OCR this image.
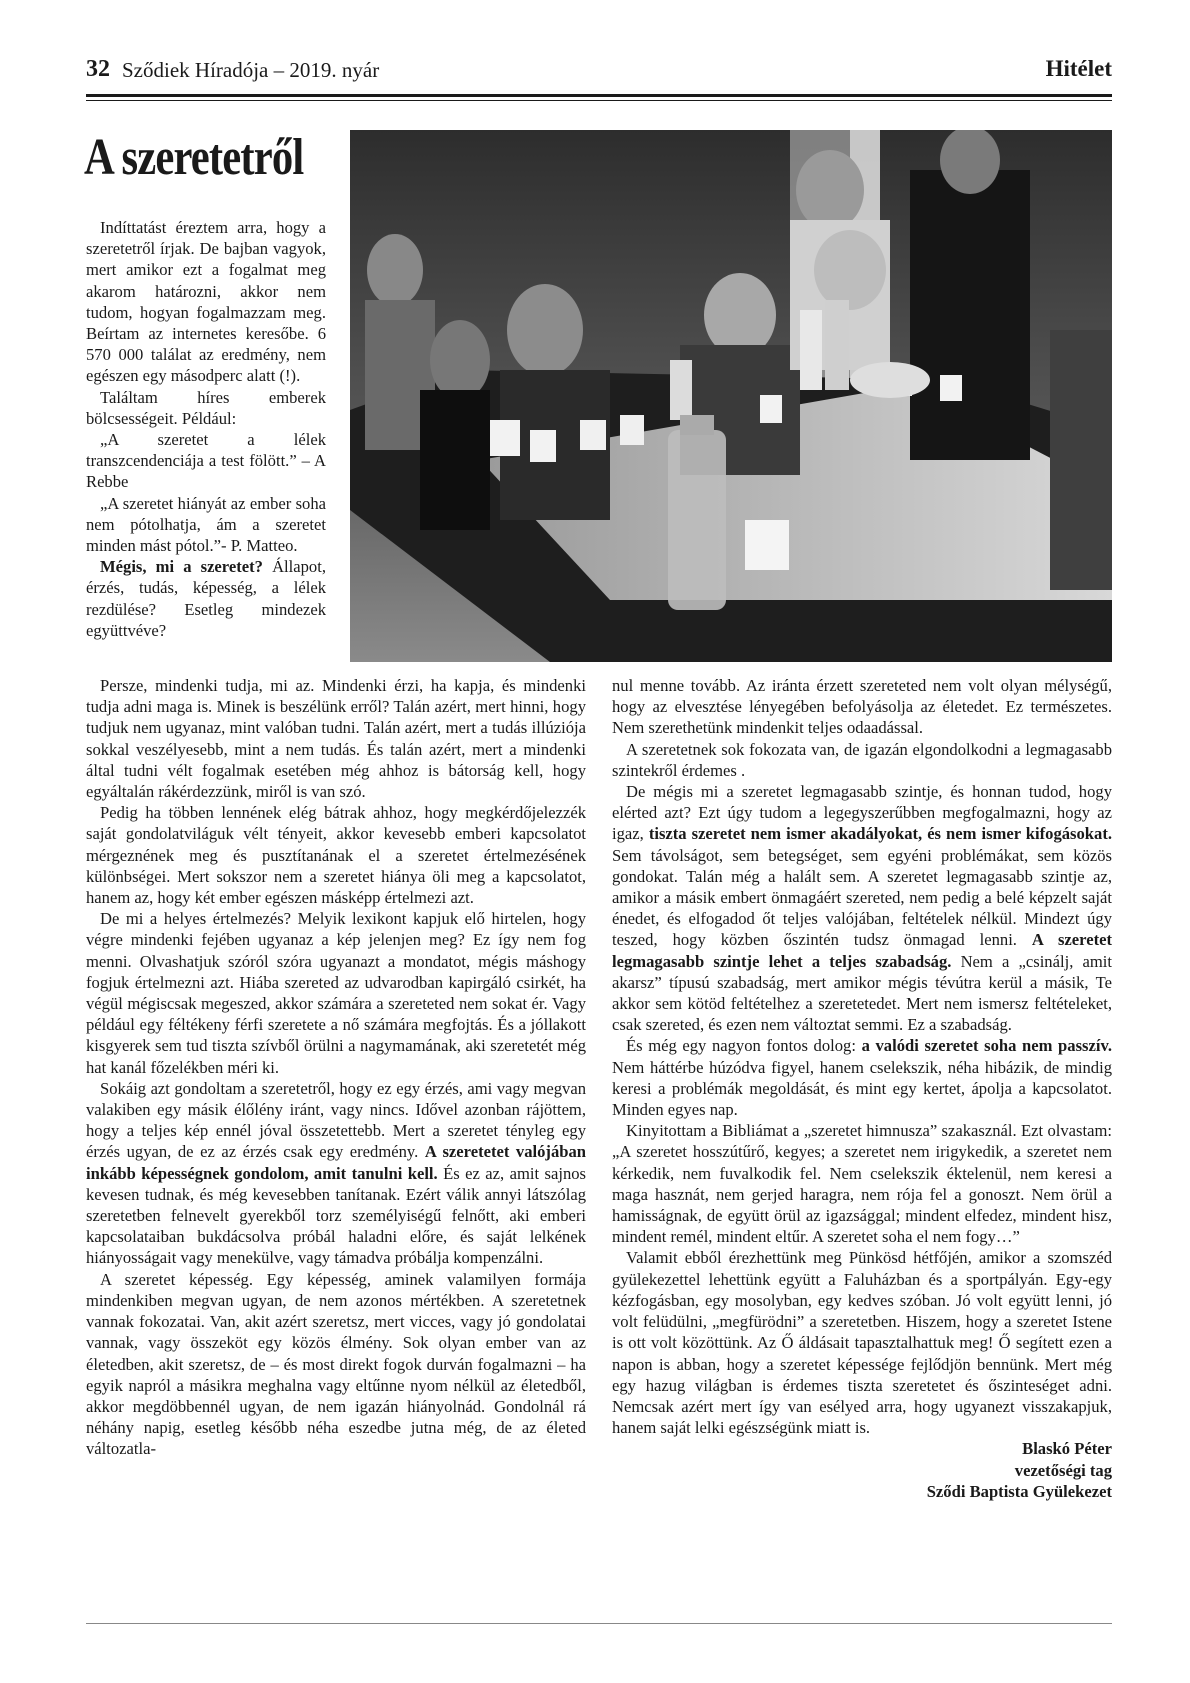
32 Sződiek Híradója – 2019. nyár	Hitélet
A szeretetről

Indíttatást éreztem arra, hogy a szeretetről írjak. De bajban vagyok, mert amikor ezt a fogalmat meg akarom határozni, akkor nem tudom, hogyan fogalmazzam meg. Beírtam az internetes keresőbe. 6 570 000 találat az eredmény, nem egészen egy másodperc alatt (!).

Találtam híres emberek bölcsességeit. Például:

„A szeretet a lélek transzcendenciája a test fölött.” – A Rebbe

„A szeretet hiányát az ember soha nem pótolhatja, ám a szeretet minden mást pótol.”- P. Matteo.

Mégis, mi a szeretet? Állapot, érzés, tudás, képesség, a lélek rezdülése? Esetleg mindezek együttvéve?

Persze, mindenki tudja, mi az. Mindenki érzi, ha kapja, és mindenki tudja adni maga is. Minek is beszélünk erről? Talán azért, mert hinni, hogy tudjuk nem ugyanaz, mint valóban tudni. Talán azért, mert a tudás illúziója sokkal veszélyesebb, mint a nem tudás. És talán azért, mert a mindenki által tudni vélt fogalmak esetében még ahhoz is bátorság kell, hogy egyáltalán rákérdezzünk, miről is van szó.

Pedig ha többen lennének elég bátrak ahhoz, hogy megkérdőjelezzék saját gondolatviláguk vélt tényeit, akkor kevesebb emberi kapcsolatot mérgeznének meg és pusztítanának el a szeretet értelmezésének különbségei. Mert sokszor nem a szeretet hiánya öli meg a kapcsolatot, hanem az, hogy két ember egészen másképp értelmezi azt.

De mi a helyes értelmezés? Melyik lexikont kapjuk elő hirtelen, hogy végre mindenki fejében ugyanaz a kép jelenjen meg? Ez így nem fog menni. Olvashatjuk szóról szóra ugyanazt a mondatot, mégis máshogy fogjuk értelmezni azt. Hiába szereted az udvarodban kapirgáló csirkét, ha végül mégiscsak megeszed, akkor számára a szereteted nem sokat ér. Vagy például egy féltékeny férfi szeretete a nő számára megfojtás. És a jóllakott kisgyerek sem tud tiszta szívből örülni a nagymamának, aki szeretetét még hat kanál főzelékben méri ki.

Sokáig azt gondoltam a szeretetről, hogy ez egy érzés, ami vagy megvan valakiben egy másik élőlény iránt, vagy nincs. Idővel azonban rájöttem, hogy a teljes kép ennél jóval összetettebb. Mert a szeretet tényleg egy érzés ugyan, de ez az érzés csak egy eredmény. A szeretetet valójában inkább képességnek gondolom, amit tanulni kell. És ez az, amit sajnos kevesen tudnak, és még kevesebben tanítanak. Ezért válik annyi látszólag szeretetben felnevelt gyerekből torz személyiségű felnőtt, aki emberi kapcsolataiban bukdácsolva próbál haladni előre, és saját lelkének hiányosságait vagy menekülve, vagy támadva próbálja kompenzálni.

A szeretet képesség. Egy képesség, aminek valamilyen formája mindenkiben megvan ugyan, de nem azonos mértékben. A szeretetnek vannak fokozatai. Van, akit azért szeretsz, mert vicces, vagy jó gondolatai vannak, vagy összeköt egy közös élmény. Sok olyan ember van az életedben, akit szeretsz, de – és most direkt fogok durván fogalmazni – ha egyik napról a másikra meghalna vagy eltűnne nyom nélkül az életedből, akkor megdöbbennél ugyan, de nem igazán hiányolnád. Gondolnál rá néhány napig, esetleg később néha eszedbe jutna még, de az életed változatla-

nul menne tovább. Az iránta érzett szereteted nem volt olyan mélységű, hogy az elvesztése lényegében befolyásolja az életedet. Ez természetes. Nem szerethetünk mindenkit teljes odaadással.

A szeretetnek sok fokozata van, de igazán elgondolkodni a legmagasabb szintekről érdemes .

De mégis mi a szeretet legmagasabb szintje, és honnan tudod, hogy elérted azt? Ezt úgy tudom a legegyszerűbben megfogalmazni, hogy az igaz, tiszta szeretet nem ismer akadályokat, és nem ismer kifogásokat. Sem távolságot, sem betegséget, sem egyéni problémákat, sem közös gondokat. Talán még a halált sem. A szeretet legmagasabb szintje az, amikor a másik embert önmagáért szereted, nem pedig a belé képzelt saját énedet, és elfogadod őt teljes valójában, feltételek nélkül. Mindezt úgy teszed, hogy közben őszintén tudsz önmagad lenni. A szeretet legmagasabb szintje lehet a teljes szabadság. Nem a „csinálj, amit akarsz” típusú szabadság, mert amikor mégis tévútra kerül a másik, Te akkor sem kötöd feltételhez a szeretetedet. Mert nem ismersz feltételeket, csak szereted, és ezen nem változtat semmi. Ez a szabadság.

És még egy nagyon fontos dolog: a valódi szeretet soha nem passzív. Nem háttérbe húzódva figyel, hanem cselekszik, néha hibázik, de mindig keresi a problémák megoldását, és mint egy kertet, ápolja a kapcsolatot. Minden egyes nap.

Kinyitottam a Bibliámat a „szeretet himnusza” szakasznál. Ezt olvastam: „A szeretet hosszútűrő, kegyes; a szeretet nem irigykedik, a szeretet nem kérkedik, nem fuvalkodik fel. Nem cselekszik éktelenül, nem keresi a maga hasznát, nem gerjed haragra, nem rója fel a gonoszt. Nem örül a hamisságnak, de együtt örül az igazsággal; mindent elfedez, mindent hisz, mindent remél, mindent eltűr. A szeretet soha el nem fogy…”

Valamit ebből érezhettünk meg Pünkösd hétfőjén, amikor a szomszéd gyülekezettel lehettünk együtt a Faluházban és a sportpályán. Egy-egy kézfogásban, egy mosolyban, egy kedves szóban. Jó volt együtt lenni, jó volt felüdülni, „megfürödni” a szeretetben. Hiszem, hogy a szeretet Istene is ott volt közöttünk. Az Ő áldásait tapasztalhattuk meg! Ő segített ezen a napon is abban, hogy a szeretet képessége fejlődjön bennünk. Mert még egy hazug világban is érdemes tiszta szeretetet és őszinteséget adni. Nemcsak azért mert így van esélyed arra, hogy ugyanezt visszakapjuk, hanem saját lelki egészségünk miatt is.

Blaskó Péter
vezetőségi tag
Sződi Baptista Gyülekezet
